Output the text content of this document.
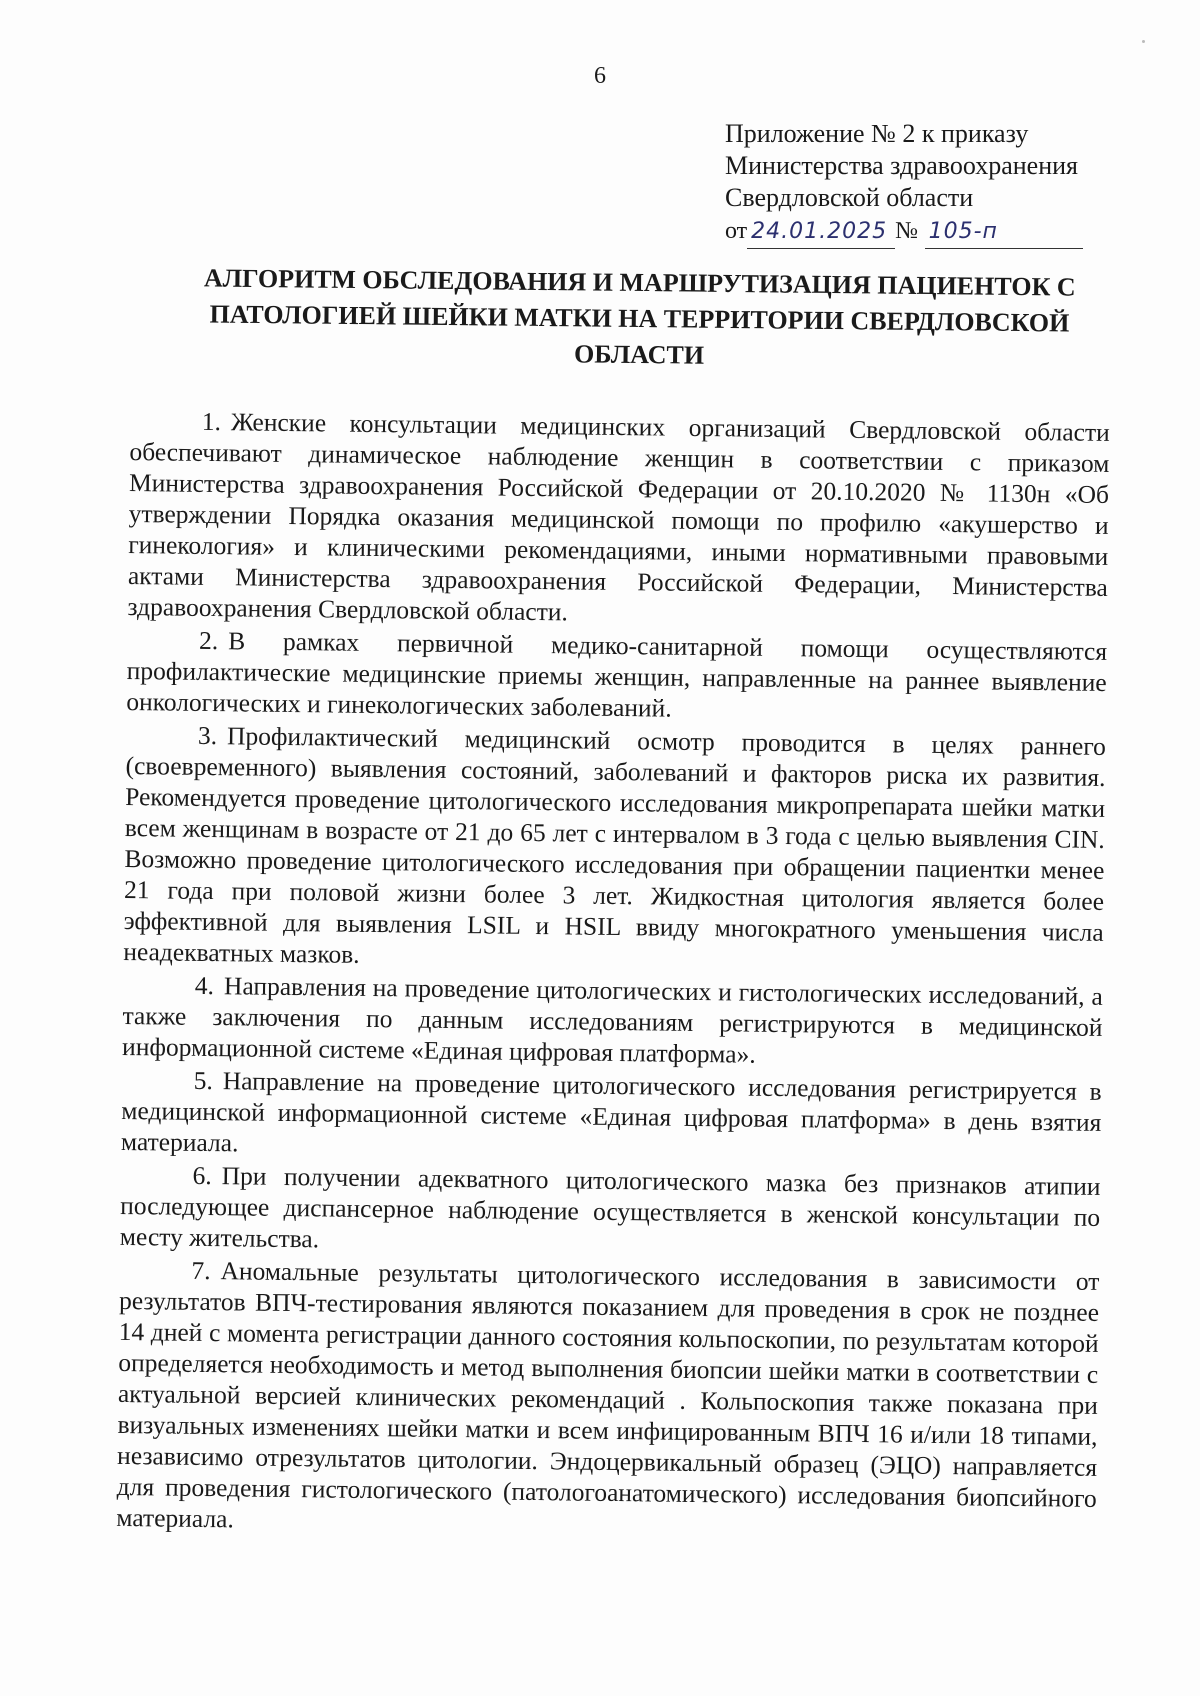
6
Приложение № 2 к приказу
Министерства здравоохранения
Свердловской области
от 24.01.2025 № 105-п
АЛГОРИТМ ОБСЛЕДОВАНИЯ И МАРШРУТИЗАЦИЯ ПАЦИЕНТОК С ПАТОЛОГИЕЙ ШЕЙКИ МАТКИ НА ТЕРРИТОРИИ СВЕРДЛОВСКОЙ ОБЛАСТИ

1. Женские консультации медицинских организаций Свердловской области обеспечивают динамическое наблюдение женщин в соответствии с приказом Министерства здравоохранения Российской Федерации от 20.10.2020 № 1130н «Об утверждении Порядка оказания медицинской помощи по профилю «акушерство и гинекология» и клиническими рекомендациями, иными нормативными правовыми актами Министерства здравоохранения Российской Федерации, Министерства здравоохранения Свердловской области.

2. В рамках первичной медико-санитарной помощи осуществляются профилактические медицинские приемы женщин, направленные на раннее выявление онкологических и гинекологических заболеваний.

3. Профилактический медицинский осмотр проводится в целях раннего (своевременного) выявления состояний, заболеваний и факторов риска их развития. Рекомендуется проведение цитологического исследования микропрепарата шейки матки всем женщинам в возрасте от 21 до 65 лет с интервалом в 3 года с целью выявления CIN. Возможно проведение цитологического исследования при обращении пациентки менее 21 года при половой жизни более 3 лет. Жидкостная цитология является более эффективной для выявления LSIL и HSIL ввиду многократного уменьшения числа неадекватных мазков.

4. Направления на проведение цитологических и гистологических исследований, а также заключения по данным исследованиям регистрируются в медицинской информационной системе «Единая цифровая платформа».

5. Направление на проведение цитологического исследования регистрируется в медицинской информационной системе «Единая цифровая платформа» в день взятия материала.

6. При получении адекватного цитологического мазка без признаков атипии последующее диспансерное наблюдение осуществляется в женской консультации по месту жительства.

7. Аномальные результаты цитологического исследования в зависимости от результатов ВПЧ-тестирования являются показанием для проведения в срок не позднее 14 дней с момента регистрации данного состояния кольпоскопии, по результатам которой определяется необходимость и метод выполнения биопсии шейки матки в соответствии с актуальной версией клинических рекомендаций . Кольпоскопия также показана при визуальных изменениях шейки матки и всем инфицированным ВПЧ 16 и/или 18 типами, независимо отрезультатов цитологии. Эндоцервикальный образец (ЭЦО) направляется для проведения гистологического (патологоанатомического) исследования биопсийного материала.
